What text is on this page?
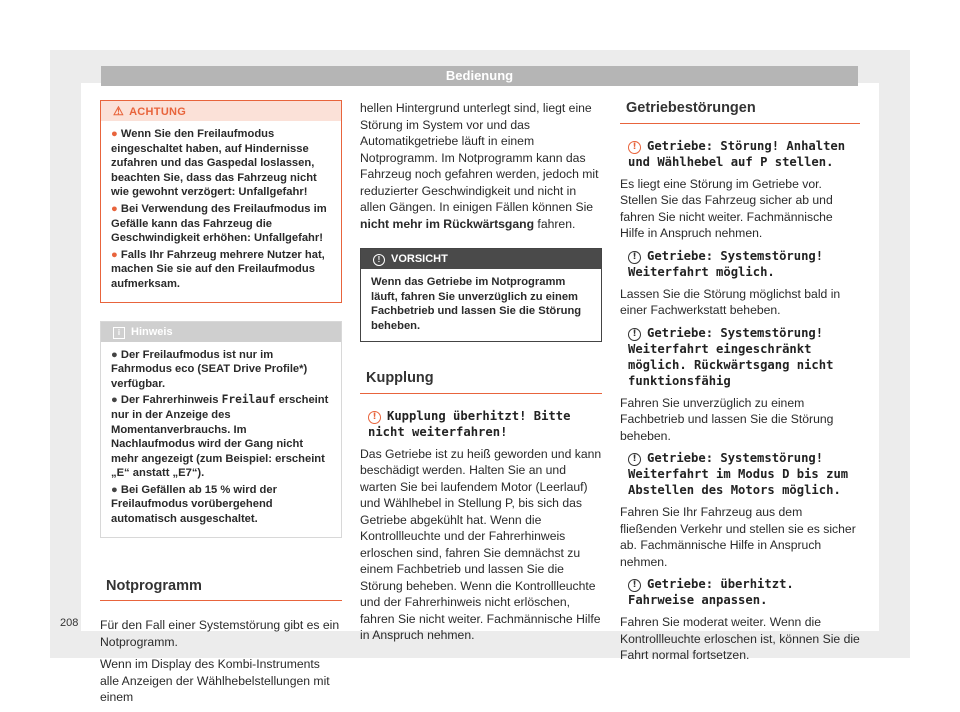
Bedienung
208
⚠ ACHTUNG
● Wenn Sie den Freilaufmodus eingeschaltet haben, auf Hindernisse zufahren und das Gaspedal loslassen, beachten Sie, dass das Fahrzeug nicht wie gewohnt verzögert: Unfallgefahr!
● Bei Verwendung des Freilaufmodus im Gefälle kann das Fahrzeug die Geschwindigkeit erhöhen: Unfallgefahr!
● Falls Ihr Fahrzeug mehrere Nutzer hat, machen Sie sie auf den Freilaufmodus aufmerksam.
i Hinweis
● Der Freilaufmodus ist nur im Fahrmodus eco (SEAT Drive Profile*) verfügbar.
● Der Fahrerhinweis Freilauf erscheint nur in der Anzeige des Momentanverbrauchs. Im Nachlaufmodus wird der Gang nicht mehr angezeigt (zum Beispiel: erscheint „E“ anstatt „E7“).
● Bei Gefällen ab 15 % wird der Freilaufmodus vorübergehend automatisch ausgeschaltet.
Notprogramm

Für den Fall einer Systemstörung gibt es ein Notprogramm.

Wenn im Display des Kombi-Instruments alle Anzeigen der Wählhebelstellungen mit einem

hellen Hintergrund unterlegt sind, liegt eine Störung im System vor und das Automatikgetriebe läuft in einem Notprogramm. Im Notprogramm kann das Fahrzeug noch gefahren werden, jedoch mit reduzierter Geschwindigkeit und nicht in allen Gängen. In einigen Fällen können Sie nicht mehr im Rückwärtsgang fahren.

! VORSICHT
Wenn das Getriebe im Notprogramm läuft, fahren Sie unverzüglich zu einem Fachbetrieb und lassen Sie die Störung beheben.
Kupplung
! Kupplung überhitzt! Bitte nicht weiterfahren!

Das Getriebe ist zu heiß geworden und kann beschädigt werden. Halten Sie an und warten Sie bei laufendem Motor (Leerlauf) und Wählhebel in Stellung P, bis sich das Getriebe abgekühlt hat. Wenn die Kontrollleuchte und der Fahrerhinweis erloschen sind, fahren Sie demnächst zu einem Fachbetrieb und lassen Sie die Störung beheben. Wenn die Kontrollleuchte und der Fahrerhinweis nicht erlöschen, fahren Sie nicht weiter. Fachmännische Hilfe in Anspruch nehmen.

Getriebestörungen
! Getriebe: Störung! Anhalten und Wählhebel auf P stellen.

Es liegt eine Störung im Getriebe vor. Stellen Sie das Fahrzeug sicher ab und fahren Sie nicht weiter. Fachmännische Hilfe in Anspruch nehmen.

! Getriebe: Systemstörung! Weiterfahrt möglich.

Lassen Sie die Störung möglichst bald in einer Fachwerkstatt beheben.

! Getriebe: Systemstörung! Weiterfahrt eingeschränkt möglich. Rückwärtsgang nicht funktionsfähig

Fahren Sie unverzüglich zu einem Fachbetrieb und lassen Sie die Störung beheben.

! Getriebe: Systemstörung! Weiterfahrt im Modus D bis zum Abstellen des Motors möglich.

Fahren Sie Ihr Fahrzeug aus dem fließenden Verkehr und stellen sie es sicher ab. Fachmännische Hilfe in Anspruch nehmen.

! Getriebe: überhitzt. Fahrweise anpassen.

Fahren Sie moderat weiter. Wenn die Kontrollleuchte erloschen ist, können Sie die Fahrt normal fortsetzen.
